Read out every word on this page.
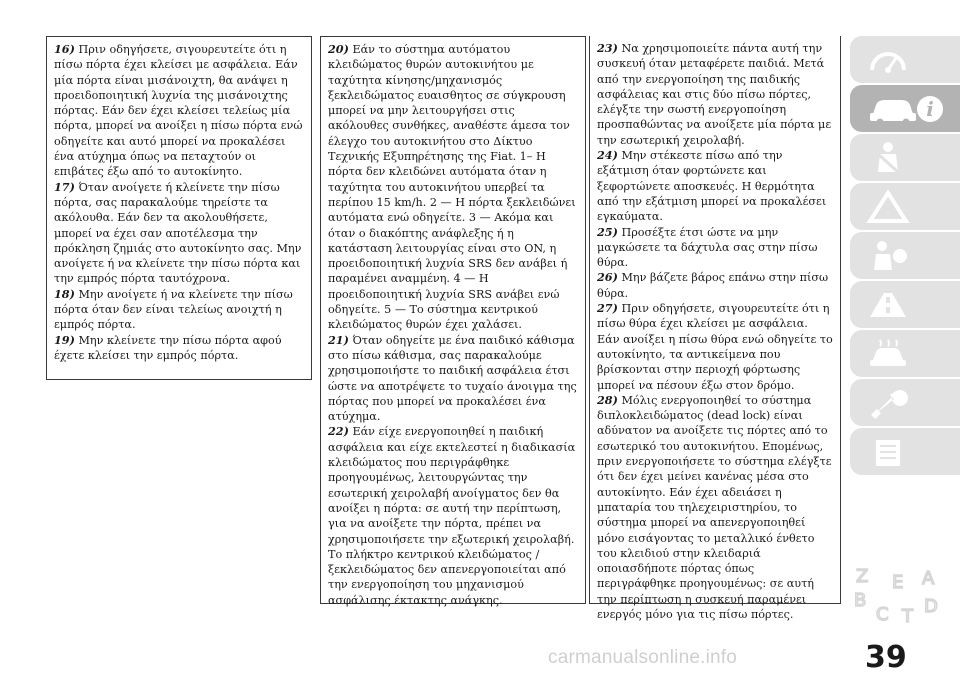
16) Πριν οδηγήσετε, σιγουρευτείτε ότι η πίσω πόρτα έχει κλείσει με ασφάλεια. Εάν μία πόρτα είναι μισάνοιχτη, θα ανάψει η προειδοποιητική λυχνία της μισάνοιχτης πόρτας. Εάν δεν έχει κλείσει τελείως μία πόρτα, μπορεί να ανοίξει η πίσω πόρτα ενώ οδηγείτε και αυτό μπορεί να προκαλέσει ένα ατύχημα όπως να πεταχτούν οι επιβάτες έξω από το αυτοκίνητο.

17) Όταν ανοίγετε ή κλείνετε την πίσω πόρτα, σας παρακαλούμε τηρείστε τα ακόλουθα. Εάν δεν τα ακολουθήσετε, μπορεί να έχει σαν αποτέλεσμα την πρόκληση ζημιάς στο αυτοκίνητο σας. Μην ανοίγετε ή να κλείνετε την πίσω πόρτα και την εμπρός πόρτα ταυτόχρονα.

18) Μην ανοίγετε ή να κλείνετε την πίσω πόρτα όταν δεν είναι τελείως ανοιχτή η εμπρός πόρτα.

19) Μην κλείνετε την πίσω πόρτα αφού έχετε κλείσει την εμπρός πόρτα.

20) Εάν το σύστημα αυτόματου κλειδώματος θυρών αυτοκινήτου με ταχύτητα κίνησης/μηχανισμός ξεκλειδώματος ευαισθητος σε σύγκρουση μπορεί να μην λειτουργήσει στις ακόλουθες συνθήκες, αναθέστε άμεσα τον έλεγχο του αυτοκινήτου στο Δίκτυο Τεχνικής Εξυπηρέτησης της Fiat. 1– Η πόρτα δεν κλειδώνει αυτόματα όταν η ταχύτητα του αυτοκινήτου υπερβεί τα περίπου 15 km/h. 2 — Η πόρτα ξεκλειδώνει αυτόματα ενώ οδηγείτε. 3 — Ακόμα και όταν ο διακόπτης ανάφλεξης ή η κατάσταση λειτουργίας είναι στο ON, η προειδοποιητική λυχνία SRS δεν ανάβει ή παραμένει αναμμένη. 4 — Η προειδοποιητική λυχνία SRS ανάβει ενώ οδηγείτε. 5 — Το σύστημα κεντρικού κλειδώματος θυρών έχει χαλάσει.

21) Όταν οδηγείτε με ένα παιδικό κάθισμα στο πίσω κάθισμα, σας παρακαλούμε χρησιμοποιήστε το παιδική ασφάλεια έτσι ώστε να αποτρέψετε το τυχαίο άνοιγμα της πόρτας που μπορεί να προκαλέσει ένα ατύχημα.

22) Εάν είχε ενεργοποιηθεί η παιδική ασφάλεια και είχε εκτελεστεί η διαδικασία κλειδώματος που περιγράφθηκε προηγουμένως, λειτουργώντας την εσωτερική χειρολαβή ανοίγματος δεν θα ανοίξει η πόρτα: σε αυτή την περίπτωση, για να ανοίξετε την πόρτα, πρέπει να χρησιμοποιήσετε την εξωτερική χειρολαβή. Το πλήκτρο κεντρικού κλειδώματος / ξεκλειδώματος δεν απενεργοποιείται από την ενεργοποίηση του μηχανισμού ασφάλισης έκτακτης ανάγκης.

23) Να χρησιμοποιείτε πάντα αυτή την συσκευή όταν μεταφέρετε παιδιά. Μετά από την ενεργοποίηση της παιδικής ασφάλειας και στις δύο πίσω πόρτες, ελέγξτε την σωστή ενεργοποίηση προσπαθώντας να ανοίξετε μία πόρτα με την εσωτερική χειρολαβή.

24) Μην στέκεστε πίσω από την εξάτμιση όταν φορτώνετε και ξεφορτώνετε αποσκευές. Η θερμότητα από την εξάτμιση μπορεί να προκαλέσει εγκαύματα.

25) Προσέξτε έτσι ώστε να μην μαγκώσετε τα δάχτυλα σας στην πίσω θύρα.

26) Μην βάζετε βάρος επάνω στην πίσω θύρα.

27) Πριν οδηγήσετε, σιγουρευτείτε ότι η πίσω θύρα έχει κλείσει με ασφάλεια. Εάν ανοίξει η πίσω θύρα ενώ οδηγείτε το αυτοκίνητο, τα αντικείμενα που βρίσκονται στην περιοχή φόρτωσης μπορεί να πέσουν έξω στον δρόμο.

28) Μόλις ενεργοποιηθεί το σύστημα διπλοκλειδώματος (dead lock) είναι αδύνατον να ανοίξετε τις πόρτες από το εσωτερικό του αυτοκινήτου. Επομένως, πριν ενεργοποιήσετε το σύστημα ελέγξτε ότι δεν έχει μείνει κανένας μέσα στο αυτοκίνητο. Εάν έχει αδειάσει η μπαταρία του τηλεχειριστηρίου, το σύστημα μπορεί να απενεργοποιηθεί μόνο εισάγοντας το μεταλλικό ένθετο του κλειδιού στην κλειδαριά οποιασδήποτε πόρτας όπως περιγράφθηκε προηγουμένως: σε αυτή την περίπτωση η συσκευή παραμένει ενεργός μόνο για τις πίσω πόρτες.

i
Z E
B
C T D
A
39
carmanualsonline.info
